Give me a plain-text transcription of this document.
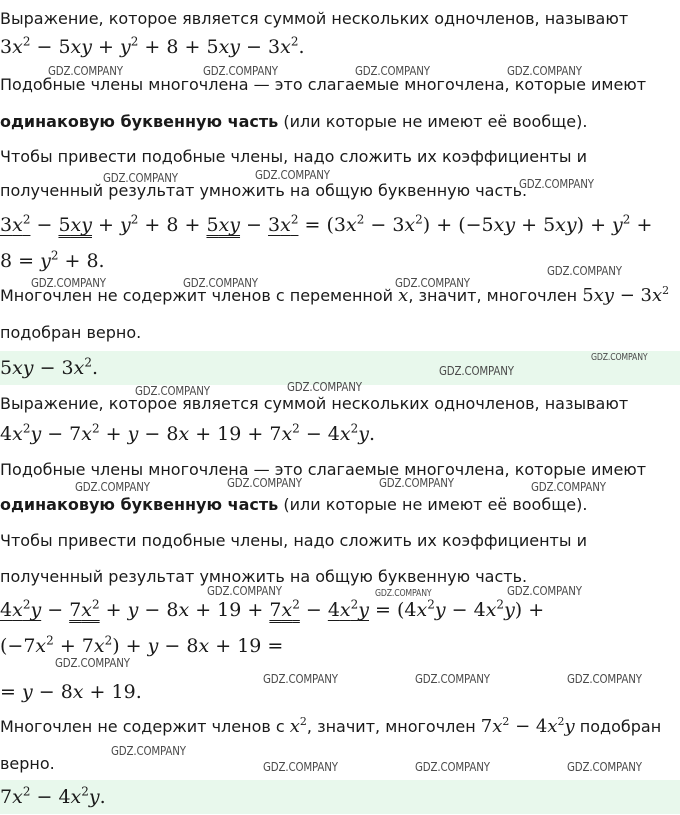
Выражение, которое является суммой нескольких одночленов, называют
$3x^2 - 5xy + y^2 + 8 + 5xy - 3x^2$.
Подобные члены многочлена — это слагаемые многочлена, которые имеют
одинаковую буквенную часть (или которые не имеют её вообще).
Чтобы привести подобные члены, надо сложить их коэффициенты и
полученный результат умножить на общую буквенную часть.
$3x^2 - 5xy + y^2 + 8 + 5xy - 3x^2 = (3x^2 - 3x^2) + (-5xy + 5xy) + y^2$ +
$8 = y^2 + 8$.
Многочлен не содержит членов с переменной x, значит, многочлен $5xy - 3x^2$
подобран верно.
$5xy - 3x^2$.
Выражение, которое является суммой нескольких одночленов, называют
$4x^2y - 7x^2 + y - 8x + 19 + 7x^2 - 4x^2y$.
Подобные члены многочлена — это слагаемые многочлена, которые имеют
одинаковую буквенную часть (или которые не имеют её вообще).
Чтобы привести подобные члены, надо сложить их коэффициенты и
полученный результат умножить на общую буквенную часть.
$4x^2y - 7x^2 + y - 8x + 19 + 7x^2 - 4x^2y = (4x^2y - 4x^2y)$ +
$(-7x^2 + 7x^2) + y - 8x + 19$ =
= y − 8x + 19.
Многочлен не содержит членов с $x^2$, значит, многочлен $7x^2 - 4x^2y$ подобран
верно.
$7x^2 - 4x^2y$.
GDZ.COMPANY	GDZ.COMPANY	GDZ.COMPANY	GDZ.COMPANY
GDZ.COMPANY	GDZ.COMPANY
GDZ.COMPANY
GDZ.COMPANY
GDZ.COMPANY	GDZ.COMPANY	GDZ.COMPANY
GDZ.COMPANY
GDZ.COMPANY
GDZ.COMPANY	GDZ.COMPANY
GDZ.COMPANY	GDZ.COMPANY	GDZ.COMPANY	GDZ.COMPANY
GDZ.COMPANY	GDZ.COMPANY	GDZ.COMPANY
GDZ.COMPANY
GDZ.COMPANY	GDZ.COMPANY	GDZ.COMPANY
GDZ.COMPANY
GDZ.COMPANY	GDZ.COMPANY	GDZ.COMPANY
